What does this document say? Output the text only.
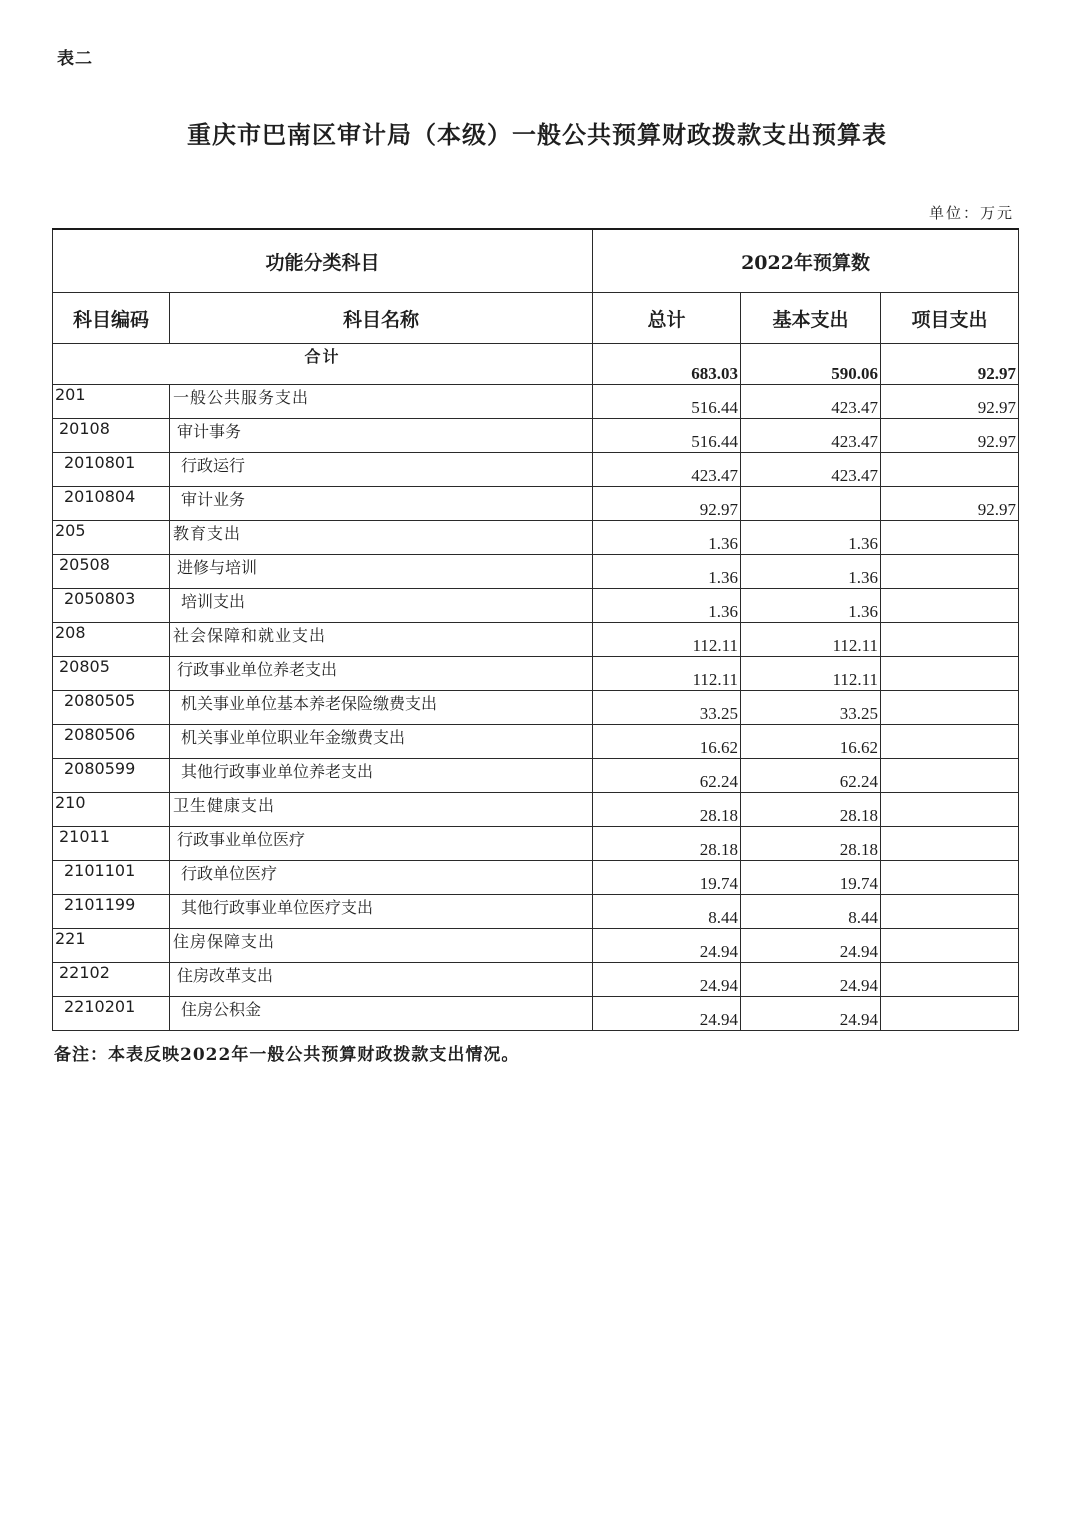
表二
重庆市巴南区审计局（本级）一般公共预算财政拨款支出预算表
单位：万元
功能分类科目		2022年预算数		
科目编码	科目名称	总计	基本支出	项目支出
合计		683.03	590.06	92.97
201	一般公共服务支出	516.44	423.47	92.97
20108	审计事务	516.44	423.47	92.97
2010801	行政运行	423.47	423.47	
2010804	审计业务	92.97		92.97
205	教育支出	1.36	1.36	
20508	进修与培训	1.36	1.36	
2050803	培训支出	1.36	1.36	
208	社会保障和就业支出	112.11	112.11	
20805	行政事业单位养老支出	112.11	112.11	
2080505	机关事业单位基本养老保险缴费支出	33.25	33.25	
2080506	机关事业单位职业年金缴费支出	16.62	16.62	
2080599	其他行政事业单位养老支出	62.24	62.24	
210	卫生健康支出	28.18	28.18	
21011	行政事业单位医疗	28.18	28.18	
2101101	行政单位医疗	19.74	19.74	
2101199	其他行政事业单位医疗支出	8.44	8.44	
221	住房保障支出	24.94	24.94	
22102	住房改革支出	24.94	24.94	
2210201	住房公积金	24.94	24.94	
备注：本表反映2022年一般公共预算财政拨款支出情况。
